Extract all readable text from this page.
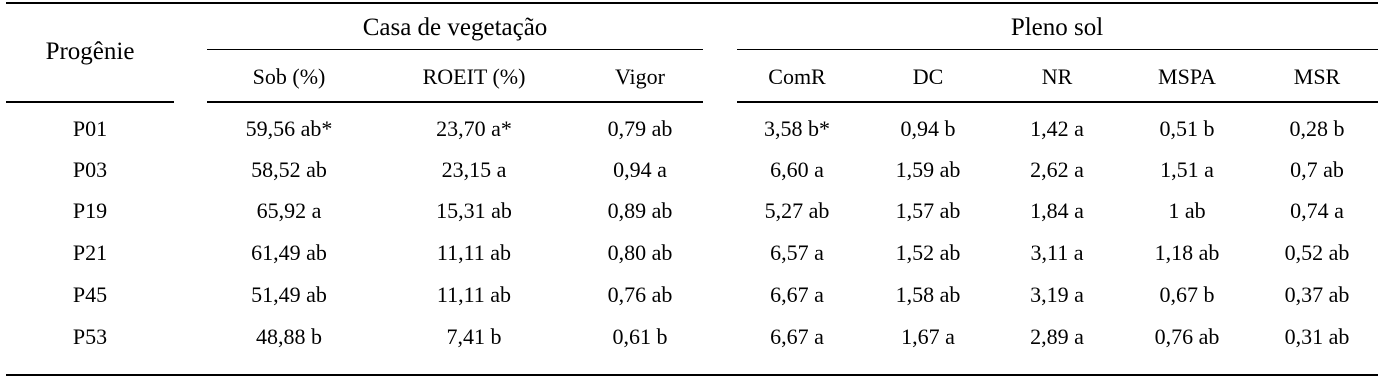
Progênie
Casa de vegetação	Pleno sol
Sob (%)	ROEIT (%)	Vigor	ComR	DC	NR	MSPA	MSR
P01	59,56 ab*	23,70 a*	0,79 ab	3,58 b*	0,94 b	1,42 a	0,51 b	0,28 b
P03	58,52 ab	23,15 a	0,94 a	6,60 a	1,59 ab	2,62 a	1,51 a	0,7 ab
P19	65,92 a	15,31 ab	0,89 ab	5,27 ab	1,57 ab	1,84 a	1 ab	0,74 a
P21	61,49 ab	11,11 ab	0,80 ab	6,57 a	1,52 ab	3,11 a	1,18 ab	0,52 ab
P45	51,49 ab	11,11 ab	0,76 ab	6,67 a	1,58 ab	3,19 a	0,67 b	0,37 ab
P53	48,88 b	7,41 b	0,61 b	6,67 a	1,67 a	2,89 a	0,76 ab	0,31 ab
